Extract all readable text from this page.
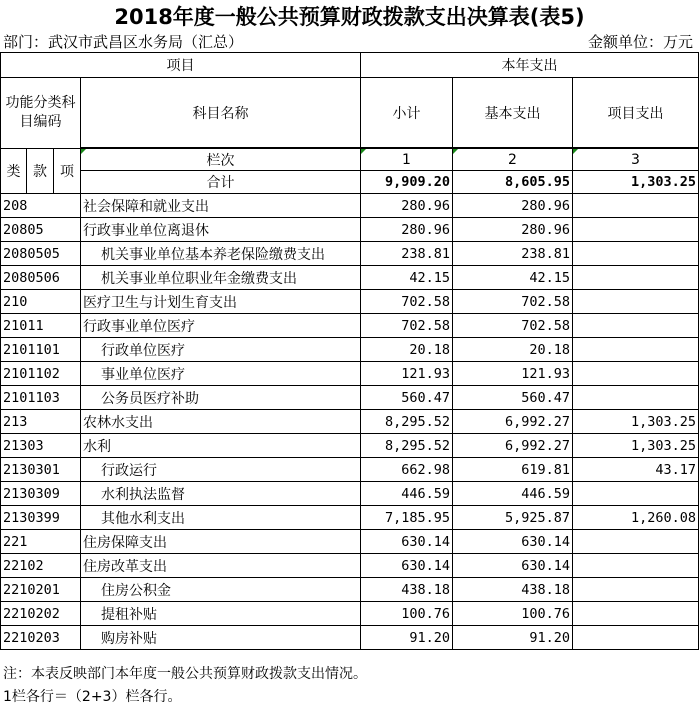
2018年度一般公共预算财政拨款支出决算表(表5)
部门：武汉市武昌区水务局（汇总）	金额单位：万元
项目				本年支出		
功能分类科目编码			科目名称	小计	基本支出	项目支出

类	款	项	栏次	1	2	3
			合计	9,909.20	8,605.95	1,303.25
208			社会保障和就业支出	280.96	280.96	
20805			行政事业单位离退休	280.96	280.96	
2080505			机关事业单位基本养老保险缴费支出	238.81	238.81	
2080506			机关事业单位职业年金缴费支出	42.15	42.15	
210			医疗卫生与计划生育支出	702.58	702.58	
21011			行政事业单位医疗	702.58	702.58	
2101101			行政单位医疗	20.18	20.18	
2101102			事业单位医疗	121.93	121.93	
2101103			公务员医疗补助	560.47	560.47	
213			农林水支出	8,295.52	6,992.27	1,303.25
21303			水利	8,295.52	6,992.27	1,303.25
2130301			行政运行	662.98	619.81	43.17
2130309			水利执法监督	446.59	446.59	
2130399			其他水利支出	7,185.95	5,925.87	1,260.08
221			住房保障支出	630.14	630.14	
22102			住房改革支出	630.14	630.14	
2210201			住房公积金	438.18	438.18	
2210202			提租补贴	100.76	100.76	
2210203			购房补贴	91.20	91.20	
注：本表反映部门本年度一般公共预算财政拨款支出情况。
1栏各行＝（2+3）栏各行。
